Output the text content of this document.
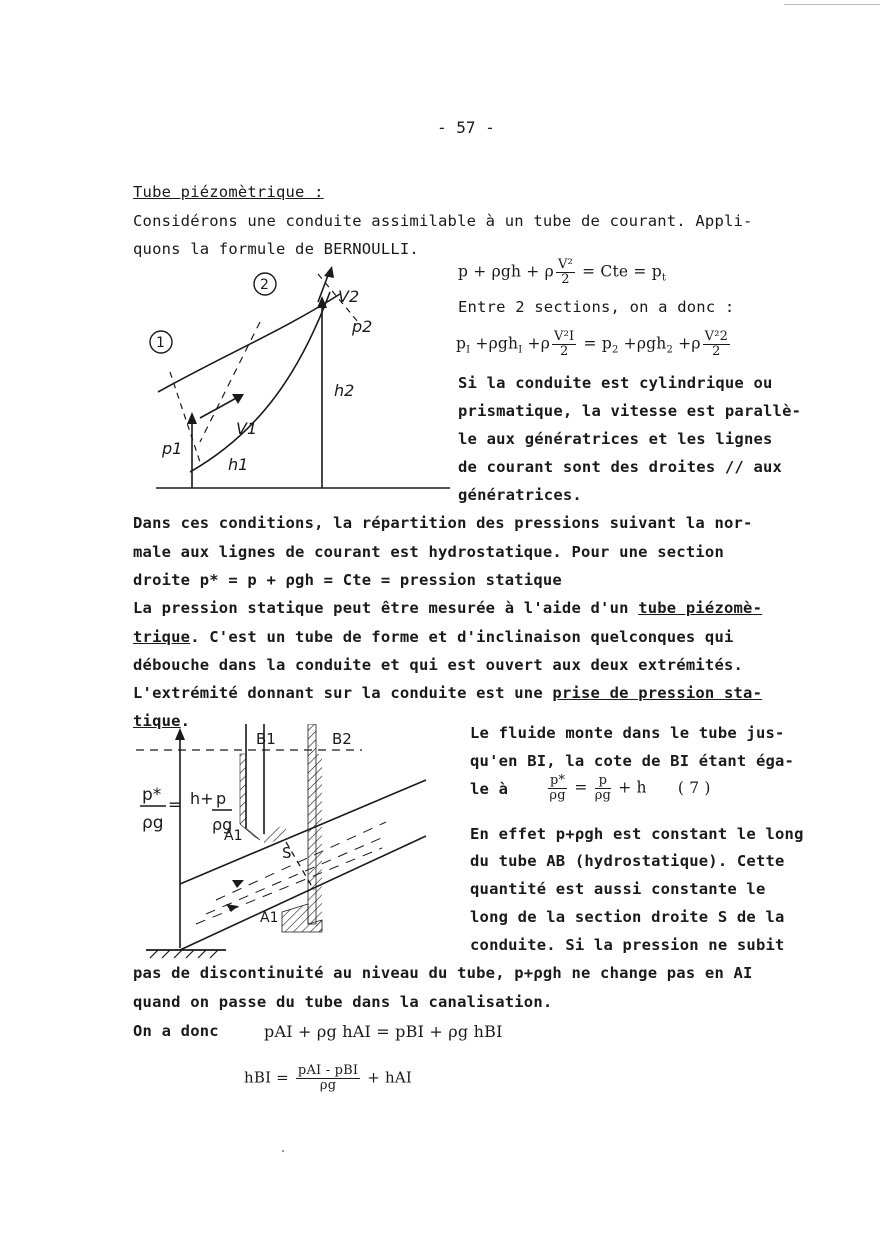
- 57 -
Tube piézomètrique :
Considérons une conduite assimilable à un tube de courant. Appli-
quons la formule de BERNOULLI.
p + ρgh + ρ $\frac{\text{V²}}{2}$ = Cte = $p_t$
Entre 2 sections, on a donc :
$p_I +\rho gh_I +\rho \frac{\text{V²I}}{2} = p_2 +\rho gh_2 +\rho \frac{\text{V²2}}{2}$
Si la conduite est cylindrique ou
prismatique, la vitesse est parallè-
le aux génératrices et les lignes
de courant sont des droites // aux
génératrices.
2
1
V1
V2
p1
p2
h1
h2
Dans ces conditions, la répartition des pressions suivant la nor-
male aux lignes de courant est hydrostatique. Pour une section
droite p* = p + ρgh = Cte = pression statique
La pression statique peut être mesurée à l'aide d'un tube piézomè-
trique. C'est un tube de forme et d'inclinaison quelconques qui
débouche dans la conduite et qui est ouvert aux deux extrémités.
L'extrémité donnant sur la conduite est une prise de pression sta-
tique.
Le fluide monte dans le tube jus-
qu'en BI, la cote de BI étant éga-
le à	$\frac{p*}{\rho g} = \frac{p}{\rho g} + h$ ( 7 )
En effet p+ρgh est constant le long
du tube AB (hydrostatique). Cette
quantité est aussi constante le
long de la section droite S de la
conduite. Si la pression ne subit
B1	B2
A1
A1
S
p*
ρg
= h+ p
ρg
pas de discontinuité au niveau du tube, p+ρgh ne change pas en AI
quand on passe du tube dans la canalisation.
On a donc	pAI + ρg hAI = pBI + ρg hBI
hBI = $\frac{\text{pAI - pBI}}{\rho g}$ + hAI
